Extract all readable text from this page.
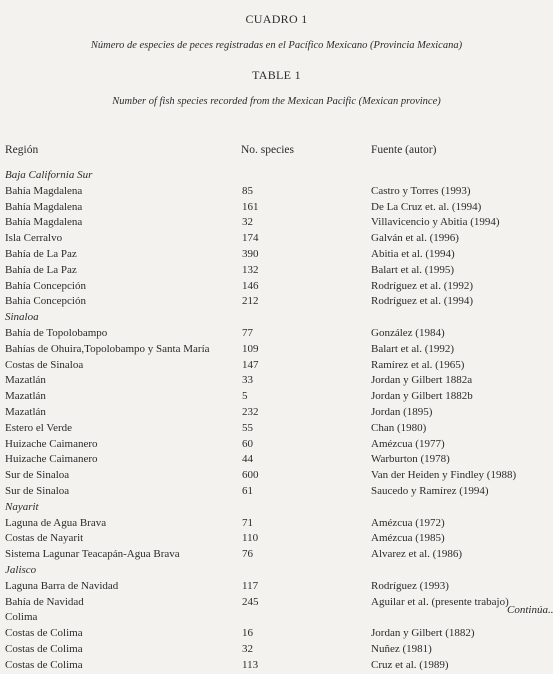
CUADRO 1
Número de especies de peces registradas en el Pacífico Mexicano (Provincia Mexicana)
TABLE 1
Number of fish species recorded from the Mexican Pacific (Mexican province)
Región	No. species	Fuente (autor)
Baja California Sur
Bahía Magdalena	85	Castro y Torres (1993)
Bahía Magdalena	161	De La Cruz et. al. (1994)
Bahía Magdalena	32	Villavicencio y Abitia (1994)
Isla Cerralvo	174	Galván et al. (1996)
Bahía de La Paz	390	Abitia et al. (1994)
Bahía de La Paz	132	Balart et al. (1995)
Bahía Concepción	146	Rodríguez et al. (1992)
Bahía Concepción	212	Rodríguez et al. (1994)
Sinaloa
Bahía de Topolobampo	77	González (1984)
Bahías de Ohuira,Topolobampo y Santa María	109	Balart et al. (1992)
Costas de Sinaloa	147	Ramírez et al. (1965)
Mazatlán	33	Jordan y Gilbert 1882a
Mazatlán	5	Jordan y Gilbert 1882b
Mazatlán	232	Jordan (1895)
Estero el Verde	55	Chan (1980)
Huizache Caimanero	60	Amézcua (1977)
Huizache Caimanero	44	Warburton (1978)
Sur de Sinaloa	600	Van der Heiden y Findley (1988)
Sur de Sinaloa	61	Saucedo y Ramírez (1994)
Nayarit
Laguna de Agua Brava	71	Amézcua (1972)
Costas de Nayarit	110	Amézcua (1985)
Sistema Lagunar Teacapán-Agua Brava	76	Alvarez et al. (1986)
Jalisco
Laguna Barra de Navidad	117	Rodríguez (1993)
Bahía de Navidad	245	Aguilar et al. (presente trabajo)
Colima
Costas de Colima	16	Jordan y Gilbert (1882)
Costas de Colima	32	Nuñez (1981)
Costas de Colima	113	Cruz et al. (1989)
Continúa..
